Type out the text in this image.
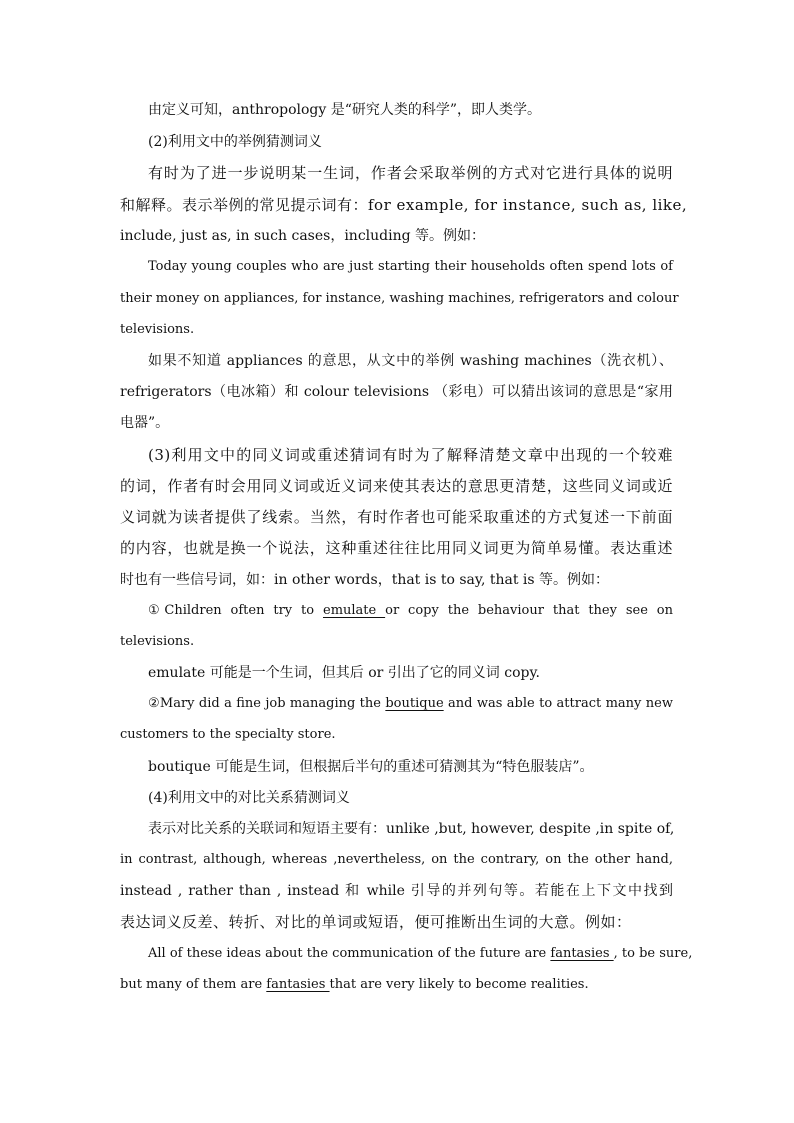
由定义可知，anthropology 是“研究人类的科学”，即人类学。
(2)利用文中的举例猜测词义
有时为了进一步说明某一生词，作者会采取举例的方式对它进行具体的说明
和解释。表示举例的常见提示词有：for example, for instance, such as, like,
include, just as, in such cases，including 等。例如：
Today young couples who are just starting their households often spend lots of
their money on appliances, for instance, washing machines, refrigerators and colour
televisions.
如果不知道 appliances 的意思，从文中的举例 washing machines（洗衣机）、
refrigerators（电冰箱）和 colour televisions （彩电）可以猜出该词的意思是“家用
电器”。
(3)利用文中的同义词或重述猜词有时为了解释清楚文章中出现的一个较难
的词，作者有时会用同义词或近义词来使其表达的意思更清楚，这些同义词或近
义词就为读者提供了线索。当然，有时作者也可能采取重述的方式复述一下前面
的内容，也就是换一个说法，这种重述往往比用同义词更为简单易懂。表达重述
时也有一些信号词，如：in other words，that is to say, that is 等。例如：
①Children often try to emulate or copy the behaviour that they see on
televisions.
emulate 可能是一个生词，但其后 or 引出了它的同义词 copy.
②Mary did a fine job managing the boutique and was able to attract many new
customers to the specialty store.
boutique 可能是生词，但根据后半句的重述可猜测其为“特色服装店”。
(4)利用文中的对比关系猜测词义
表示对比关系的关联词和短语主要有：unlike ,but, however, despite ,in spite of,
in contrast, although, whereas ,nevertheless, on the contrary, on the other hand,
instead , rather than , instead 和 while 引导的并列句等。若能在上下文中找到
表达词义反差、转折、对比的单词或短语，便可推断出生词的大意。例如：
All of these ideas about the communication of the future are fantasies , to be sure,
but many of them are fantasies that are very likely to become realities.
